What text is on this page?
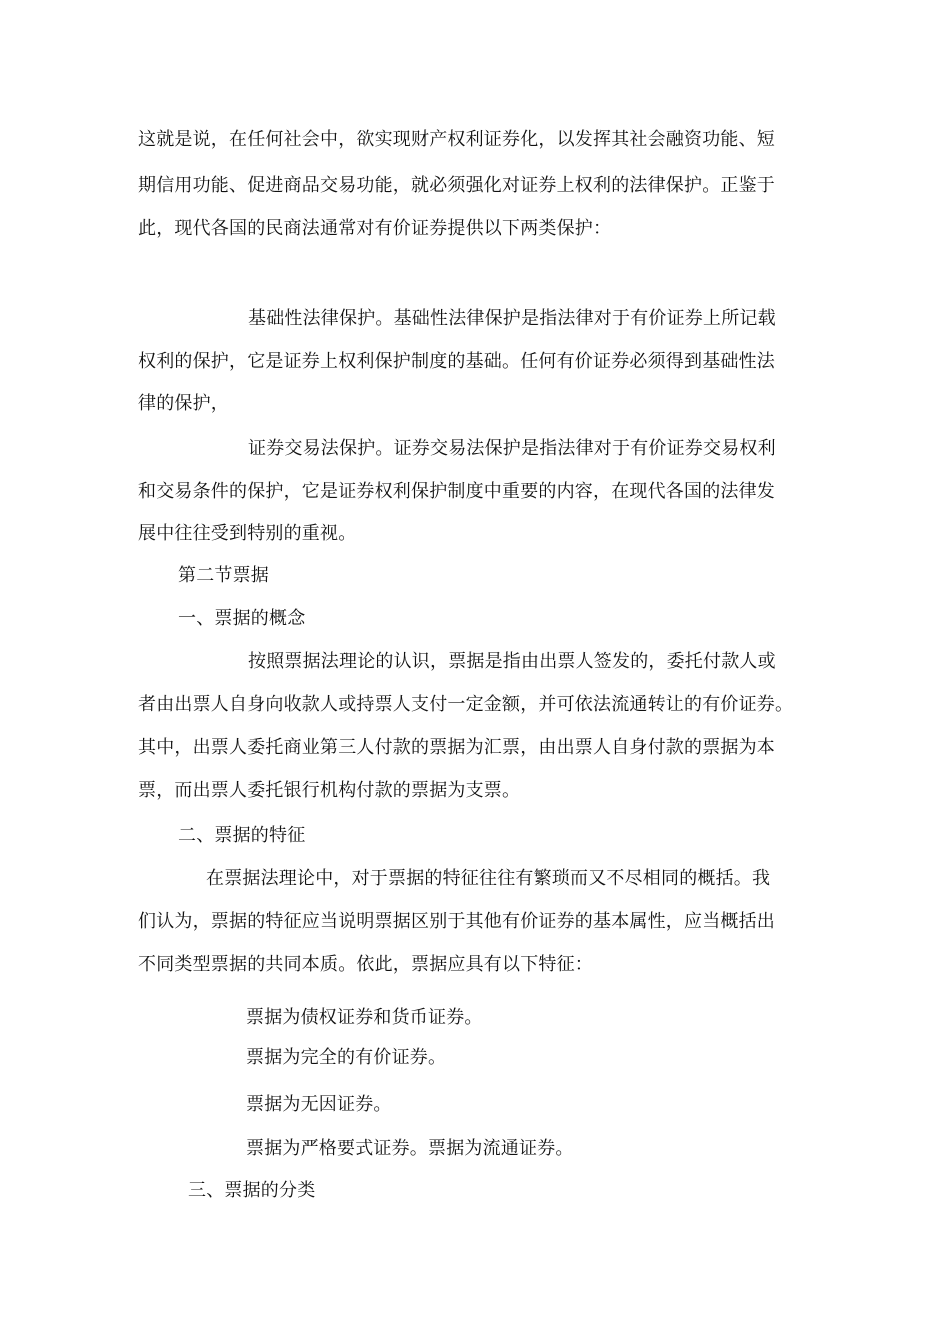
这就是说，在任何社会中，欲实现财产权利证券化，以发挥其社会融资功能、短
期信用功能、促进商品交易功能，就必须强化对证券上权利的法律保护。正鉴于
此，现代各国的民商法通常对有价证券提供以下两类保护：
基础性法律保护。基础性法律保护是指法律对于有价证券上所记载
权利的保护，它是证券上权利保护制度的基础。任何有价证券必须得到基础性法
律的保护，
证券交易法保护。证券交易法保护是指法律对于有价证券交易权利
和交易条件的保护，它是证券权利保护制度中重要的内容，在现代各国的法律发
展中往往受到特别的重视。
第二节票据
一、票据的概念
按照票据法理论的认识，票据是指由出票人签发的，委托付款人或
者由出票人自身向收款人或持票人支付一定金额，并可依法流通转让的有价证券。
其中，出票人委托商业第三人付款的票据为汇票，由出票人自身付款的票据为本
票，而出票人委托银行机构付款的票据为支票。
二、票据的特征
在票据法理论中，对于票据的特征往往有繁琐而又不尽相同的概括。我
们认为，票据的特征应当说明票据区别于其他有价证券的基本属性，应当概括出
不同类型票据的共同本质。依此，票据应具有以下特征：
票据为债权证券和货币证券。
票据为完全的有价证券。
票据为无因证券。
票据为严格要式证券。票据为流通证券。
三、票据的分类
